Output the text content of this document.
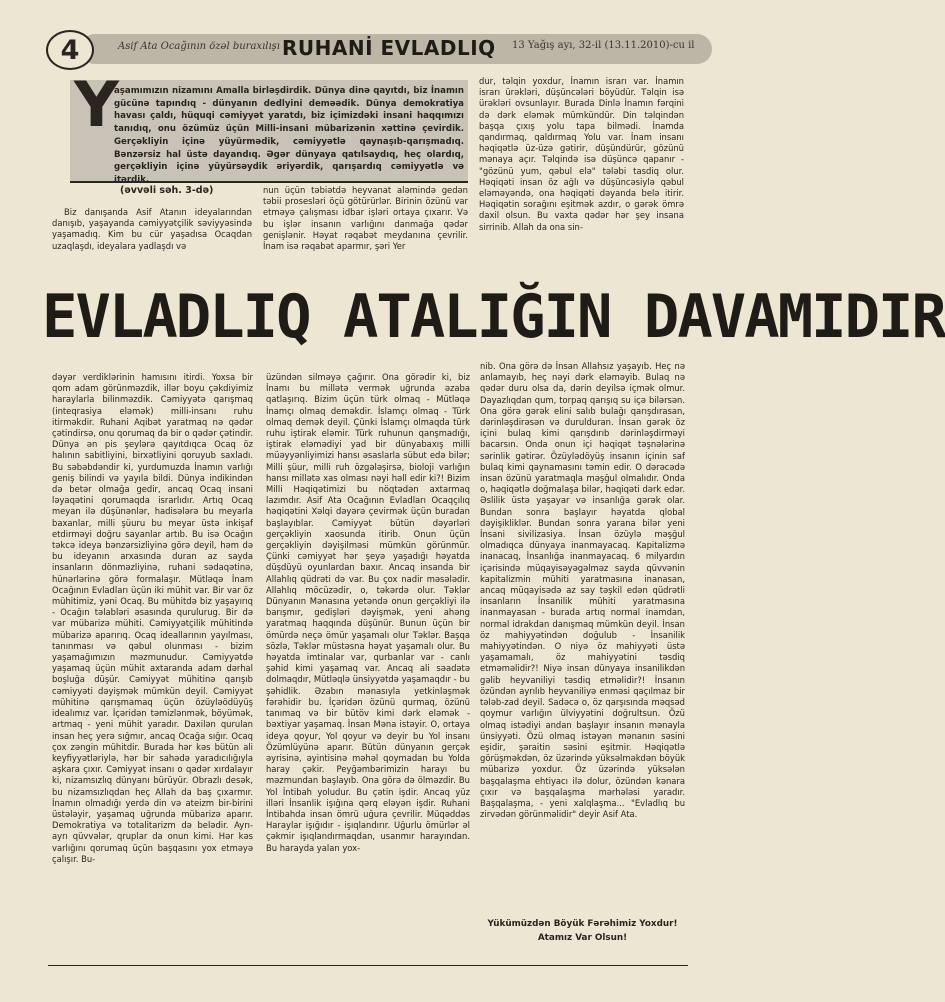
4	Asif Ata Ocağının özəl buraxılışı RUHANİ EVLADLIQ 13 Yağış ayı, 32-il (13.11.2010)-cu il
Y
aşamımızın nizamını Amalla birləşdirdik. Dünya dinə qayıtdı, biz İnamın gücünə tapındıq - dünyanın dedlyini deməədik. Dünya demokratiya havası çaldı, hüquqi cəmiyyət yaratdı, biz içimizdəki insani haqqımızı tanıdıq, onu özümüz üçün Milli-insani mübarizənin xəttinə çevirdik. Gerçəkliyin içinə yüyürmədik, cəmiyyətlə qaynaşıb-qarışmadıq. Bənzərsiz hal üstə dayandıq. Əgər dünyaya qatılsaydıq, heç olardıq, gerçəkliyin içinə yüyürsəydik əriyərdik, qarışardıq cəmiyyətlə və itərdik.
(əvvəli səh. 3-də)

Biz danışanda Asif Atanın ideyalarından danışıb, yaşayanda cəmiyyətçilik səviyyəsində yaşamadıq. Kim bu cür yaşadısa Ocaqdan uzaqlaşdı, ideyalara yadlaşdı və

nun üçün təbiətdə heyvanat aləmində gedən təbii prosesləri öçü götürürlər. Birinin özünü var etməyə çalışması idbar işləri ortaya çıxarır. Və bu işlər insanın varlığını danmağa qədər genişlənir. Həyat rəqabət meydanına çevrilir. İnam isə rəqabət aparmır, şəri Yer
dur, təlqin yoxdur, İnamın israrı var. İnamın israrı ürəkləri, düşüncələri böyüdür. Təlqin isə ürəkləri ovsunlayır. Burada Dinlə İnamın fərqini də dərk eləmək mümkündür. Din təlqindən başqa çıxış yolu tapa bilmədi. İnamda qandırmaq, qaldırmaq Yolu var. İnam insanı həqiqətlə üz-üzə gətirir, düşündürür, gözünü mənaya açır. Təlqində isə düşüncə qapanır - "gözünü yum, qəbul elə" tələbi tasdiq olur. Həqiqəti insan öz ağlı və düşüncəsiylə qəbul eləməyəndə, ona həqiqəti dəyanda belə itirir. Həqiqətin sorağını eşitmək azdır, o gərək ömrə daxil olsun. Bu vaxta qədər hər şey insana sirrinib. Allah da ona sin-
EVLADLIQ ATALIĞIN DAVAMIDIR
dəyər verdiklərinin hamısını itirdi. Yoxsa bir qom adam görünməzdik, illər boyu çəkdiyimiz haraylarla bilinməzdik. Cəmiyyətə qarışmaq (inteqrasiya eləmək) milli-insanı ruhu itirməkdir. Ruhani Aqibət yaratmaq nə qədər çətindirsə, onu qorumaq da bir o qədər çətindir. Dünya ən pis şeylərə qayıtdıqca Ocaq öz halının sabitliyini, birxətliyini qoruyub saxladı. Bu səbəbdəndir ki, yurdumuzda İnamın varlığı geniş bilindi və yayıla bildi. Dünya indikindən də betər olmağa gedir, ancaq Ocaq insani ləyaqətini qorumaqda israrlıdır. Artıq Ocaq meyan ilə düşünənlər, hadisələrə bu meyarla baxanlar, milli şüuru bu meyar üstə inkişaf etdirməyi doğru sayanlar artıb. Bu isə Ocağın təkcə ideya bənzərsizliyinə görə deyil, həm də bu ideyanın arxasında duran az sayda insanların dönməzliyinə, ruhani sədaqətinə, hünərlərinə görə formalaşır. Mütləqə İnam Ocağının Evladları üçün iki mühit var. Bir var öz mühitimiz, yəni Ocaq. Bu mühitdə biz yaşayırıq - Ocağın təlabləri əsasında qurulurug. Bir də var mübarizə mühiti. Cəmiyyətçilik mühitində mübarizə aparırıq. Ocaq ideallarının yayılması, tanınması və qəbul olunması - bizim yaşamağımızın məzmunudur. Cəmiyyətdə yaşamaq üçün mühit axtaranda adam dərhal boşluğa düşür. Cəmiyyət mühitinə qarışıb cəmiyyəti dəyişmək mümkün deyil. Cəmiyyət mühitinə qarışmamaq üçün özüyləödüyüş idealımız var. İçəridən təmizlənmək, böyümək, artmaq - yeni mühit yaradır. Daxilən qurulan insan heç yerə sığmır, ancaq Ocağa sığır. Ocaq çox zəngin mühitdir. Burada hər kəs bütün ali keyfiyyətləriylə, hər bir sahədə yaradıcılığıyla aşkara çıxır. Cəmiyyət insanı o qədər xırdalayır ki, nizamsızlıq dünyanı bürüyür. Obrazlı desək, bu nizamsızlıqdan heç Allah da baş çıxarmır. İnamın olmadığı yerdə din və ateizm bir-birini üstələyir, yaşamaq uğrunda mübarizə aparır. Demokratiya və totalitarizm də belədir. Ayrı-ayrı qüvvələr, qruplar da onun kimi. Hər kəs varlığını qorumaq üçün başqasını yox etməyə çalışır. Bu-
üzündən silməyə çağırır. Ona görədir ki, biz İnamı bu millətə vermək uğrunda əzaba qatlaşırıq. Bizim üçün türk olmaq - Mütləqə İnamçı olmaq deməkdir. İslamçı olmaq - Türk olmaq demək deyil. Çünki İslamçı olmaqda türk ruhu iştirak eləmir. Türk ruhunun qanşmadığı, iştirak eləmədiyi yad bir dünyabaxış milli müəyyənliyimizi hansı əsaslarla sübut edə bilər; Milli şüur, milli ruh özgələşirsə, bioloji varlığın hansı millətə xas olması nəyi həll edir ki?! Bizim Milli Həqiqətimizi bu nöqtədən axtarmaq lazımdır. Asif Ata Ocağının Evladları Ocaqçılıq həqiqətini Xəlqi dəyərə çevirmək üçün buradan başlayıblar. Cəmiyyət bütün dəyərləri gerçəkliyin xaosunda itirib. Onun üçün gerçəkliyin dəyişilməsi mümkün görünmür. Çünki cəmiyyət hər şeyə yaşadığı həyatda düşdüyü oyunlardan baxır. Ancaq insanda bir Allahlıq qüdrəti də var. Bu çox nadir məsələdir. Allahlıq möcüzədir, o, təkərdə olur. Təklər Dünyanın Mənasına yetəndə onun gerçəkliyi ilə barışmır, gedişləri dəyişmək, yeni ahəng yaratmaq haqqında düşünür. Bunun üçün bir ömürdə neçə ömür yaşamalı olur Təklər. Başqa sözlə, Təklər müstəsna həyat yaşamalı olur. Bu həyatda imtinalar var, qurbanlar var - canlı şəhid kimi yaşamaq var. Ancaq ali səadətə dolmaqdır, Mütləqlə ünsiyyətdə yaşamaqdır - bu şəhidlik. Əzabın mənasıyla yetkinləşmək fərəhidir bu. İçəridən özünü qurmaq, özünü tanımaq və bir bütöv kimi dərk eləmək - bəxtiyar yaşamaq. İnsan Məna istəyir. O, ortaya ideya qoyur, Yol qoyur və deyir bu Yol insanı Özümlüyünə aparır. Bütün dünyanın gerçək əyrisinə, əyintisinə məhəl qoymadan bu Yolda haray çəkir. Peyğəmbərimizin harayı bu məzmundan başlayıb. Ona görə də ölməzdir. Bu Yol İntibah yoludur. Bu çətin işdir. Ancaq yüz illəri İnsanlik işığına qərq eləyən işdir. Ruhani İntibahda insan ömrü uğura çevrilir. Müqəddəs Haraylar işığıdır - işıqlandırır. Uğurlu ömürlər əl çəkmir işıqlandırmaqdan, usanmır harayından. Bu harayda yalan yox-
nib. Ona görə də İnsan Allahsız yaşayıb. Heç nə anlamayıb, heç nəyi dərk eləməyib. Bulaq nə qədər duru olsa da, dərin deyilsə içmək olmur. Dayazlıqdan qum, torpaq qarışıq su içə bilərsən. Ona görə gərək elini salıb bulağı qarışdırasan, dərinləşdirəsən və durulduran. İnsan gərək öz içini bulaq kimi qarışdırıb dərinləşdirməyi bacarsın. Onda onun içi həqiqət təşnələrinə sərinlik gətirər. Özüylədöyüş insanın içinin saf bulaq kimi qaynamasını təmin edir. O dərəcədə insan özünü yaratmaqla məşğul olmalıdır. Onda o, həqiqətlə doğmalaşa bilər, həqiqəti dərk edər. Əslilik üstə yaşayar və insanlığa gərək olar. Bundan sonra başlayır həyatda qlobal dəyişikliklər. Bundan sonra yarana bilər yeni İnsani sivilizasiya. İnsan özüylə məşğul olmadıqca dünyaya inanmayacaq. Kapitalizmə inanacaq, İnsanlığa inanmayacaq. 6 milyardın içərisində müqayisəyəgəlməz sayda qüvvənin kapitalizmin mühiti yaratmasına inanasan, ancaq müqayisədə az say təşkil edən qüdrətli insanların İnsanilik mühiti yaratmasına inanmayasan - burada artıq normal inamdan, normal idrakdan danışmaq mümkün deyil. İnsan öz mahiyyətindən doğulub - İnsanilik mahiyyətindən. O niyə öz mahiyyəti üstə yaşamamalı, öz mahiyyətini təsdiq etməməlidir?! Niyə insan dünyaya insanilikdən gəlib heyvaniliyi təsdiq etməlidir?! İnsanın özündən ayrılıb heyvaniliyə enməsi qaçılmaz bir tələb-zad deyil. Sadəcə o, öz qarşısında məqsəd qoymur varlığın ülviyyətini doğrultsun. Özü olmaq istədiyi andan başlayır insanın mənayla ünsiyyəti. Özü olmaq istəyən mənanın səsini eşidir, şəraitin səsini eşitmir. Həqiqətlə görüşməkdən, öz üzərində yüksəlməkdən böyük mübarizə yoxdur. Öz üzərində yüksələn başqalaşma ehtiyacı ilə dolur, özündən kənara çıxır və başqalaşma mərhələsi yaradır. Başqalaşma, - yeni xalqlaşma... "Evladlıq bu zirvədən görünməlidir" deyir Asif Ata.
Yükümüzdən Böyük Fərəhimiz Yoxdur!
Atamız Var Olsun!
